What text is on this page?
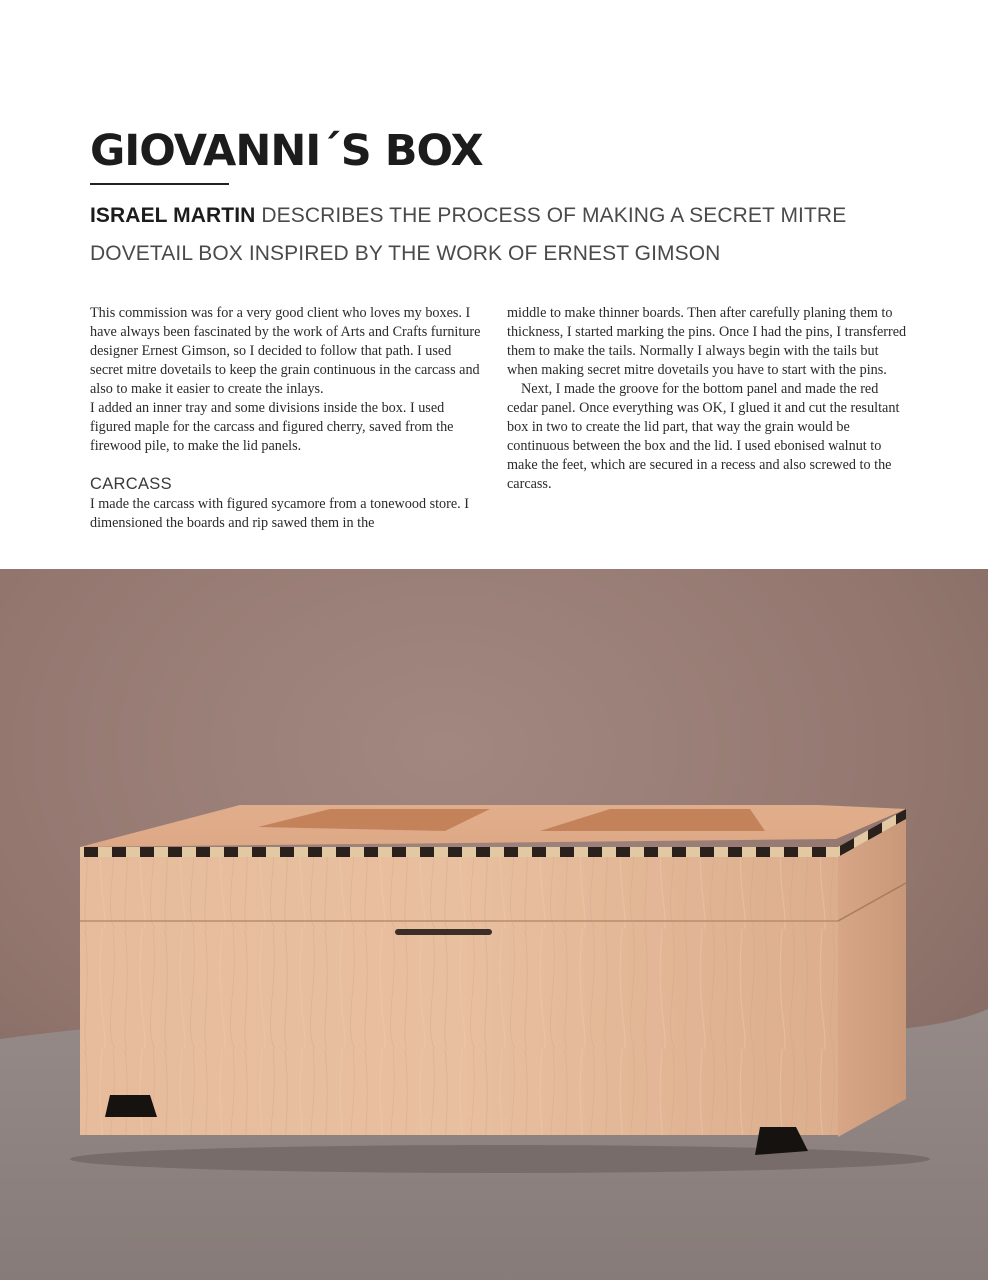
GIOVANNI´S BOX

ISRAEL MARTIN DESCRIBES THE PROCESS OF MAKING A SECRET MITRE DOVETAIL BOX INSPIRED BY THE WORK OF ERNEST GIMSON

This commission was for a very good client who loves my boxes. I have always been fascinated by the work of Arts and Crafts furniture designer Ernest Gimson, so I decided to follow that path. I used secret mitre dovetails to keep the grain continuous in the carcass and also to make it easier to create the inlays.

I added an inner tray and some divisions inside the box. I used figured maple for the carcass and figured cherry, saved from the firewood pile, to make the lid panels.

CARCASS

I made the carcass with figured sycamore from a tonewood store. I dimensioned the boards and rip sawed them in the

middle to make thinner boards. Then after carefully planing them to thickness, I started marking the pins. Once I had the pins, I transferred them to make the tails. Normally I always begin with the tails but when making secret mitre dovetails you have to start with the pins.

Next, I made the groove for the bottom panel and made the red cedar panel. Once everything was OK, I glued it and cut the resultant box in two to create the lid part, that way the grain would be continuous between the box and the lid. I used ebonised walnut to make the feet, which are secured in a recess and also screwed to the carcass.
